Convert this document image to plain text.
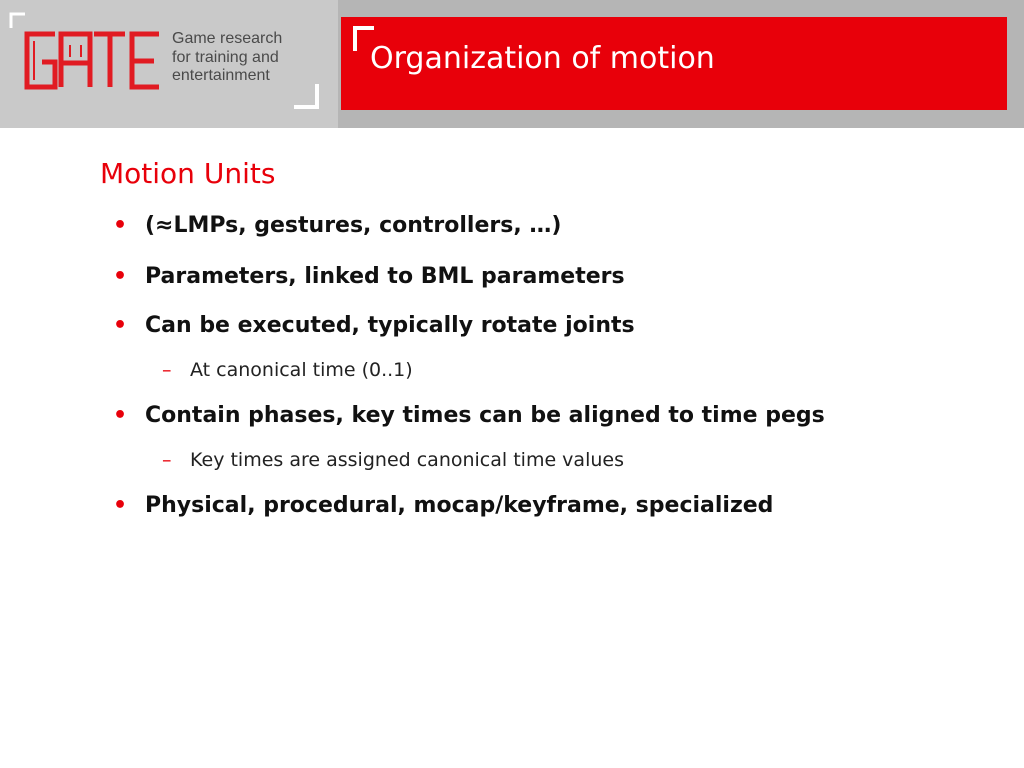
Game research
for training and
entertainment	Organization of motion
Motion Units
•(≈LMPs, gestures, controllers, …)
• Parameters, linked to BML parameters
• Can be executed, typically rotate joints
– At canonical time (0..1)
• Contain phases, key times can be aligned to time pegs
– Key times are assigned canonical time values
• Physical, procedural, mocap/keyframe, specialized
